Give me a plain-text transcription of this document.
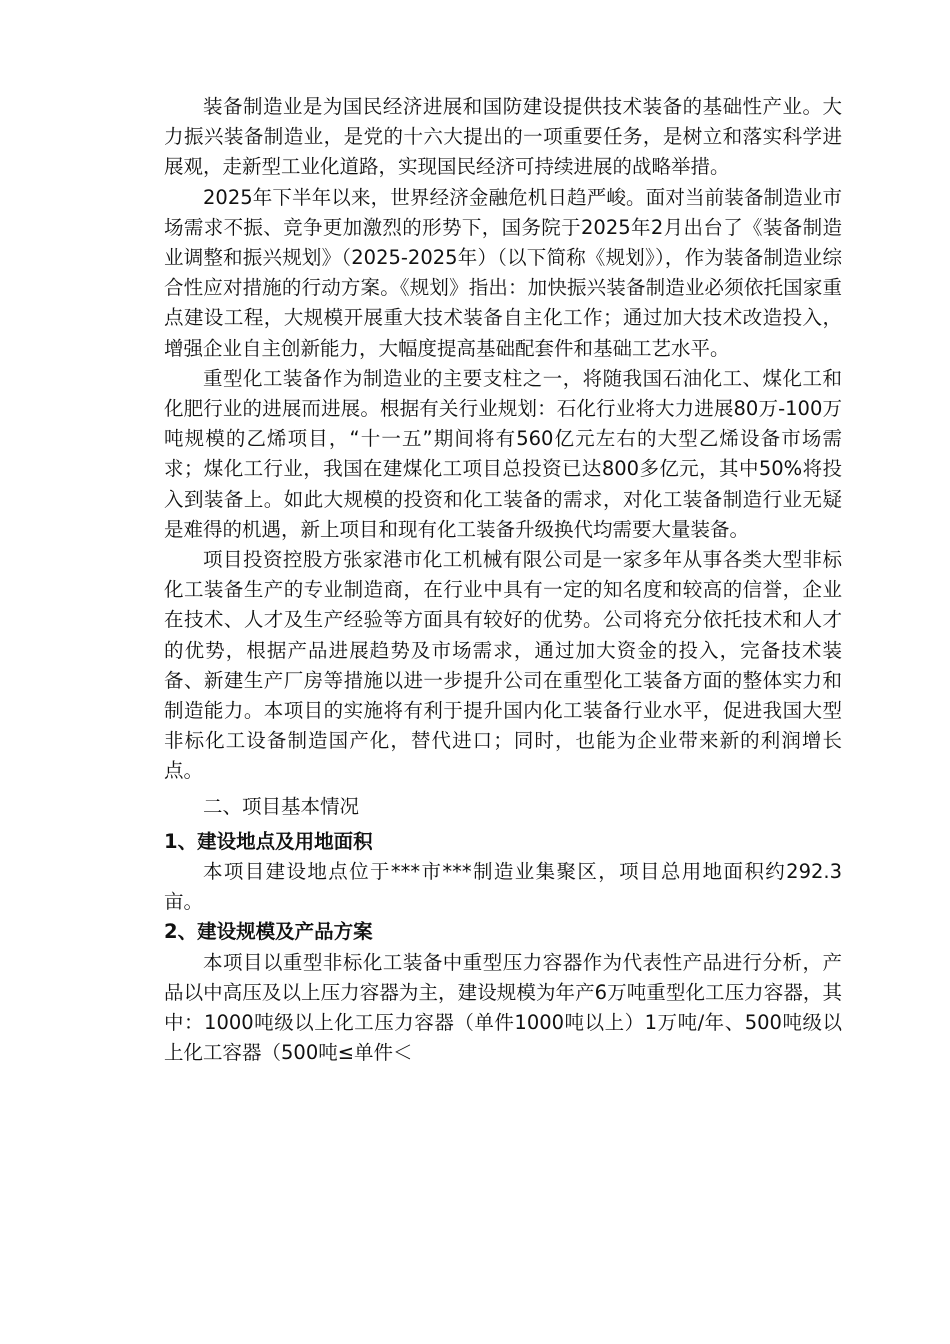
装备制造业是为国民经济进展和国防建设提供技术装备的基础性产业。大力振兴装备制造业，是党的十六大提出的一项重要任务，是树立和落实科学进展观，走新型工业化道路，实现国民经济可持续进展的战略举措。

2025年下半年以来，世界经济金融危机日趋严峻。面对当前装备制造业市场需求不振、竞争更加激烈的形势下，国务院于2025年2月出台了《装备制造业调整和振兴规划》（2025-2025年）（以下简称《规划》），作为装备制造业综合性应对措施的行动方案。《规划》指出：加快振兴装备制造业必须依托国家重点建设工程，大规模开展重大技术装备自主化工作；通过加大技术改造投入，增强企业自主创新能力，大幅度提高基础配套件和基础工艺水平。

重型化工装备作为制造业的主要支柱之一，将随我国石油化工、煤化工和化肥行业的进展而进展。根据有关行业规划：石化行业将大力进展80万-100万吨规模的乙烯项目，“十一五”期间将有560亿元左右的大型乙烯设备市场需求；煤化工行业，我国在建煤化工项目总投资已达800多亿元，其中50%将投入到装备上。如此大规模的投资和化工装备的需求，对化工装备制造行业无疑是难得的机遇，新上项目和现有化工装备升级换代均需要大量装备。

项目投资控股方张家港市化工机械有限公司是一家多年从事各类大型非标化工装备生产的专业制造商，在行业中具有一定的知名度和较高的信誉，企业在技术、人才及生产经验等方面具有较好的优势。公司将充分依托技术和人才的优势，根据产品进展趋势及市场需求，通过加大资金的投入，完备技术装备、新建生产厂房等措施以进一步提升公司在重型化工装备方面的整体实力和制造能力。本项目的实施将有利于提升国内化工装备行业水平，促进我国大型非标化工设备制造国产化，替代进口；同时，也能为企业带来新的利润增长点。

二、项目基本情况

1、建设地点及用地面积

本项目建设地点位于***市***制造业集聚区，项目总用地面积约292.3亩。

2、建设规模及产品方案

本项目以重型非标化工装备中重型压力容器作为代表性产品进行分析，产品以中高压及以上压力容器为主，建设规模为年产6万吨重型化工压力容器，其中：1000吨级以上化工压力容器（单件1000吨以上）1万吨/年、500吨级以上化工容器（500吨≤单件＜
